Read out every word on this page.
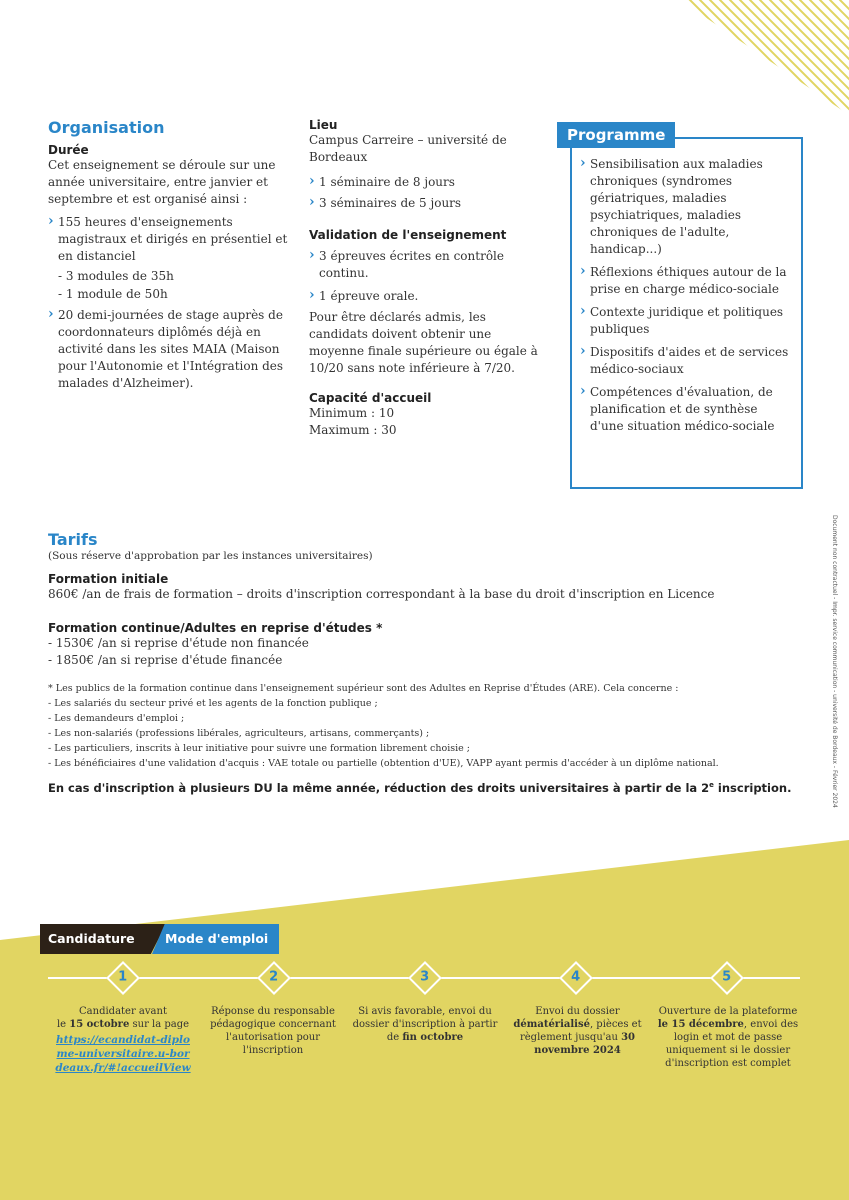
Organisation
Durée
Cet enseignement se déroule sur une année universitaire, entre janvier et septembre et est organisé ainsi :
› 155 heures d'enseignements magistraux et dirigés en présentiel et en distanciel
- 3 modules de 35h
- 1 module de 50h
› 20 demi-journées de stage auprès de coordonnateurs diplômés déjà en activité dans les sites MAIA (Maison pour l'Autonomie et l'Intégration des malades d'Alzheimer).
Lieu
Campus Carreire – université de Bordeaux
› 1 séminaire de 8 jours
› 3 séminaires de 5 jours
Validation de l'enseignement
› 3 épreuves écrites en contrôle continu.
› 1 épreuve orale.
Pour être déclarés admis, les candidats doivent obtenir une moyenne finale supérieure ou égale à 10/20 sans note inférieure à 7/20.
Capacité d'accueil
Minimum : 10
Maximum : 30
Programme
› Sensibilisation aux maladies chroniques (syndromes gériatriques, maladies psychiatriques, maladies chroniques de l'adulte, handicap...)
› Réflexions éthiques autour de la prise en charge médico-sociale
› Contexte juridique et politiques publiques
› Dispositifs d'aides et de services médico-sociaux
› Compétences d'évaluation, de planification et de synthèse d'une situation médico-sociale
Document non contractuel - Impr. service communication - université de Bordeaux - Février 2024
Tarifs
(Sous réserve d'approbation par les instances universitaires)
Formation initiale
860€ /an de frais de formation – droits d'inscription correspondant à la base du droit d'inscription en Licence
Formation continue/Adultes en reprise d'études *
- 1530€ /an si reprise d'étude non financée
- 1850€ /an si reprise d'étude financée
* Les publics de la formation continue dans l'enseignement supérieur sont des Adultes en Reprise d'Études (ARE). Cela concerne :
- Les salariés du secteur privé et les agents de la fonction publique ;
- Les demandeurs d'emploi ;
- Les non-salariés (professions libérales, agriculteurs, artisans, commerçants) ;
- Les particuliers, inscrits à leur initiative pour suivre une formation librement choisie ;
- Les bénéficiaires d'une validation d'acquis : VAE totale ou partielle (obtention d'UE), VAPP ayant permis d'accéder à un diplôme national.
En cas d'inscription à plusieurs DU la même année, réduction des droits universitaires à partir de la 2e inscription.
Candidature Mode d'emploi
1	2	3	4	5
Candidater avant
le 15 octobre sur la page
https://ecandidat-diplome-universitaire.u-bordeaux.fr/#!accueilView
Réponse du responsable pédagogique concernant l'autorisation pour l'inscription
Si avis favorable, envoi du dossier d'inscription à partir
de fin octobre
Envoi du dossier
dématérialisé, pièces et règlement jusqu'au 30 novembre 2024
Ouverture de la plateforme le 15 décembre, envoi des login et mot de passe uniquement si le dossier d'inscription est complet
